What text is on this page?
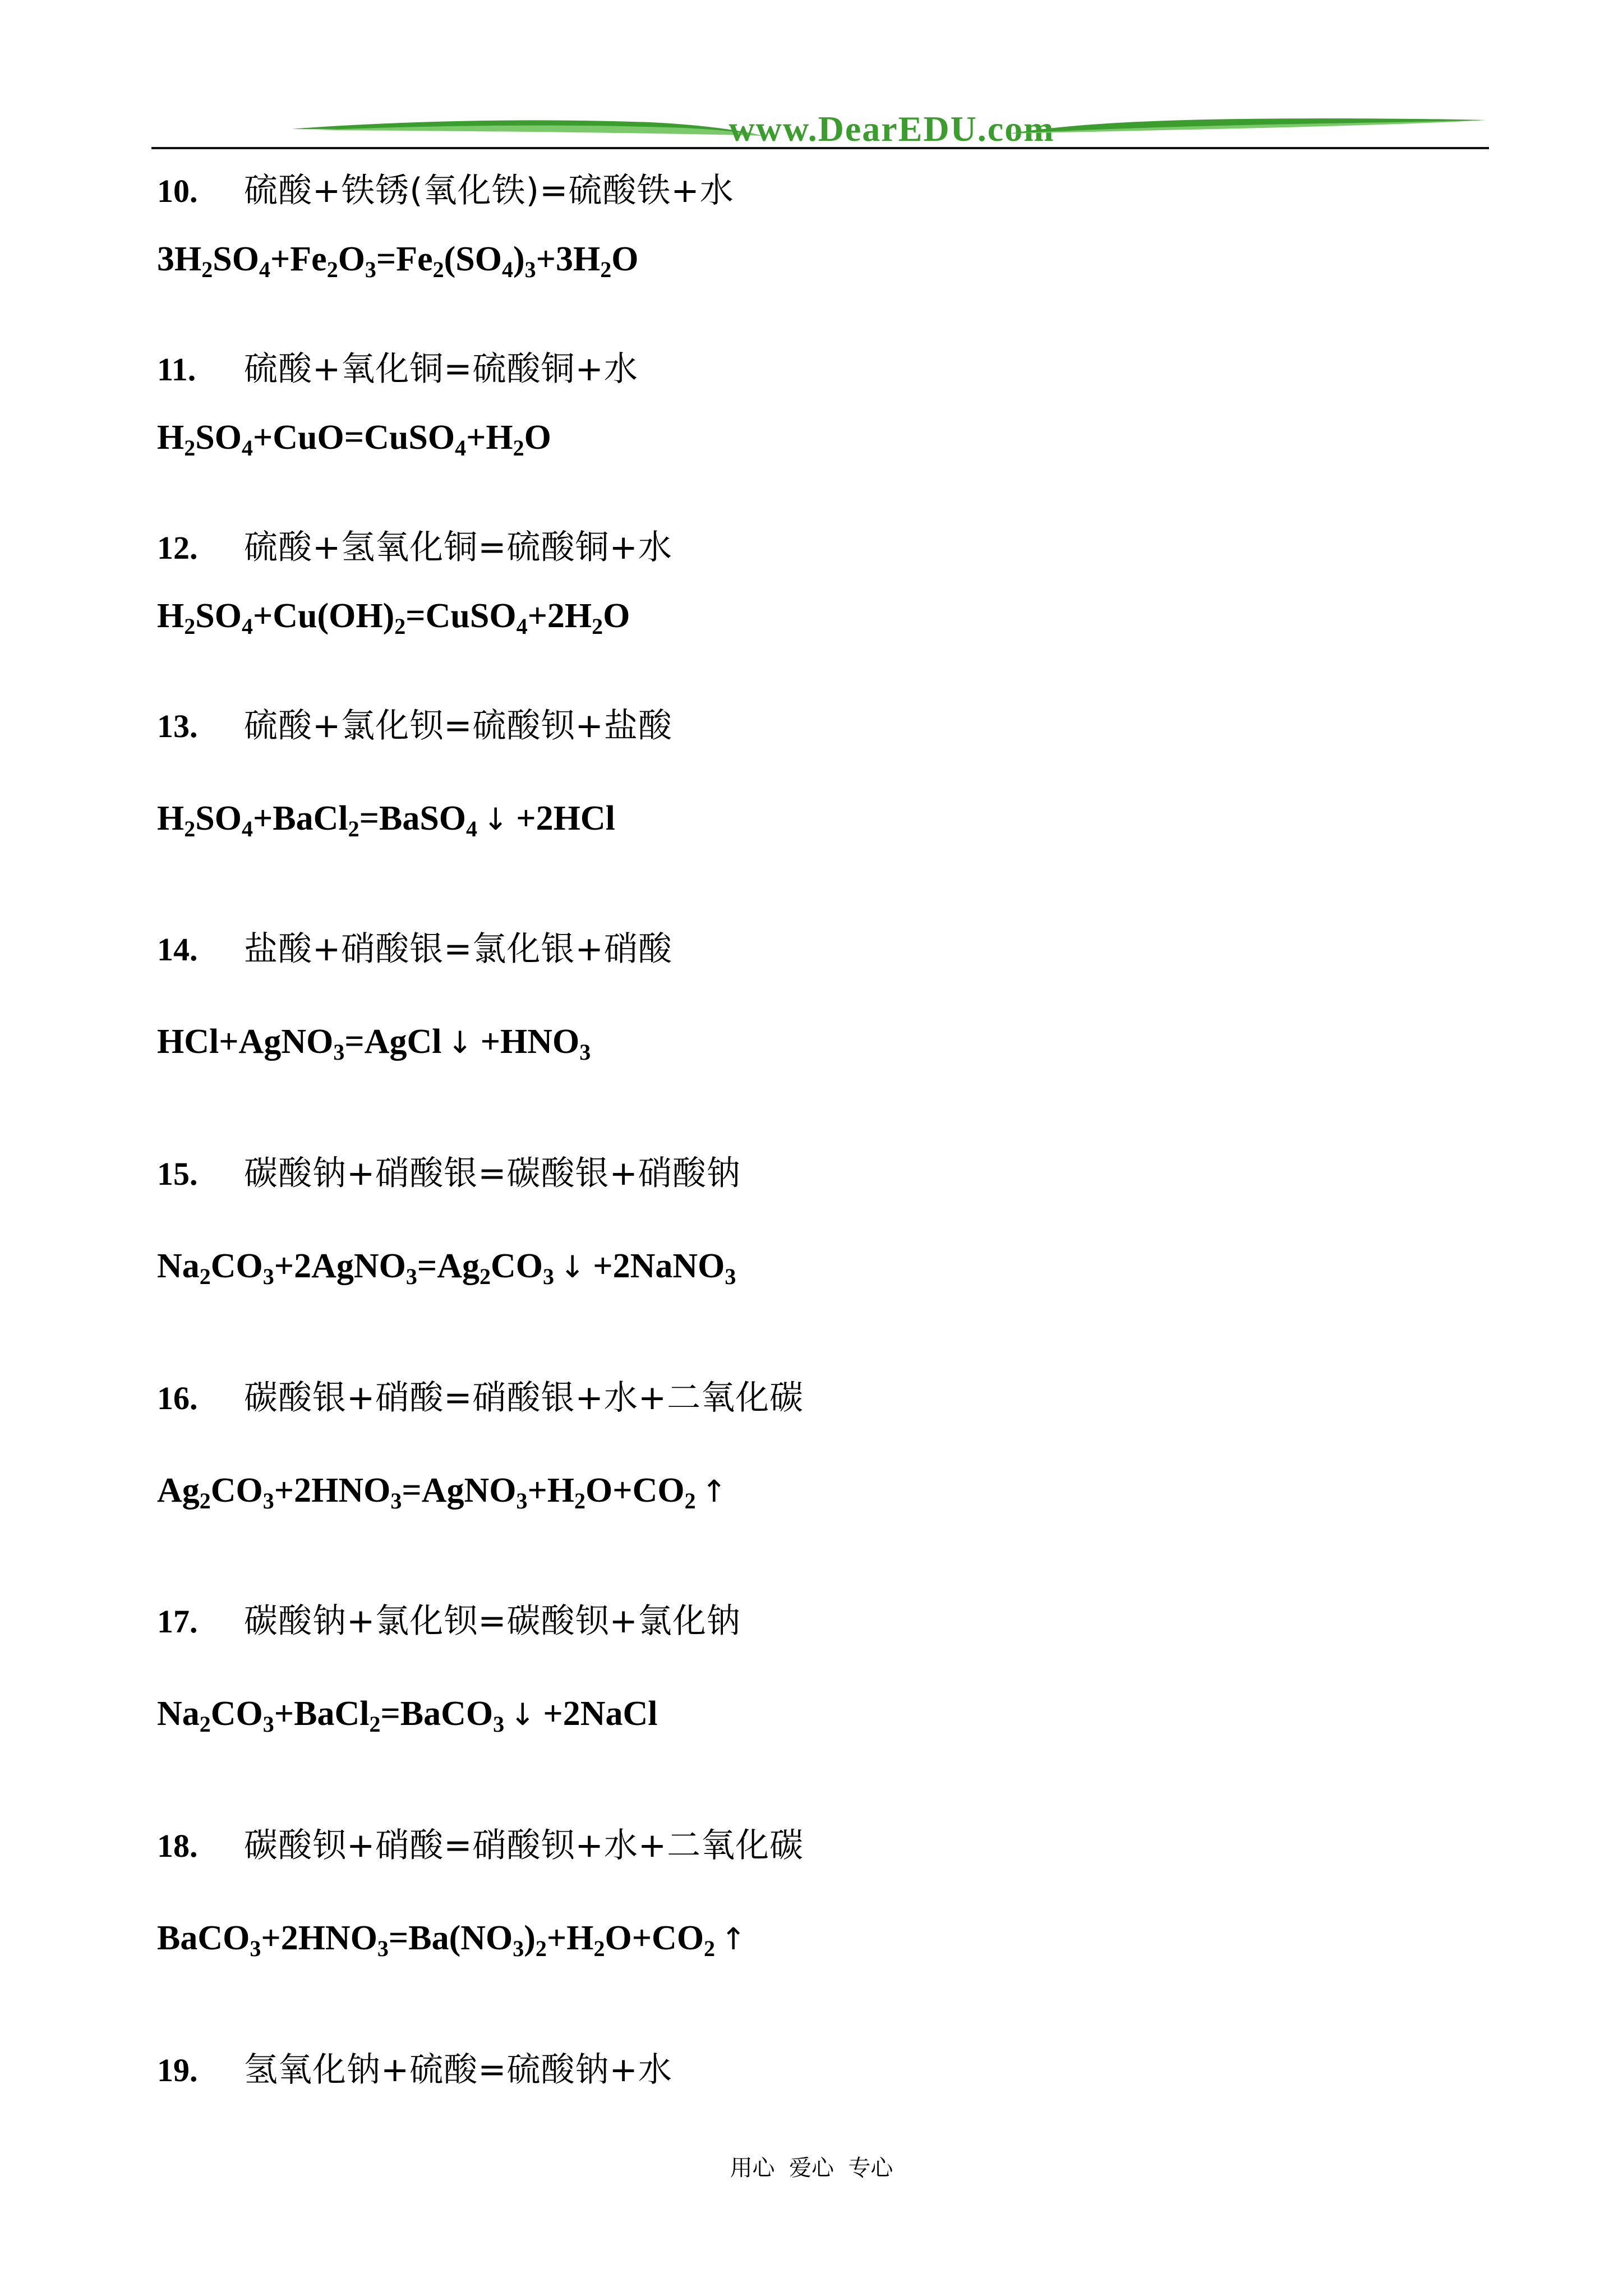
www.DearEDU.com
10. 硫酸+铁锈(氧化铁)=硫酸铁+水
$3H_2SO_4+Fe_2O_3=Fe_2(SO_4)_3+3H_2O$
11. 硫酸+氧化铜=硫酸铜+水
$H_2SO_4+CuO=CuSO_4+H_2O$
12. 硫酸+氢氧化铜=硫酸铜+水
$H_2SO_4+Cu(OH)_2=CuSO_4+2H_2O$
13. 硫酸+氯化钡=硫酸钡+盐酸
$H_2SO_4+BaCl_2=BaSO_4$ ↓ +2HCl
14. 盐酸+硝酸银=氯化银+硝酸
HCl+AgNO$_3$=AgCl ↓ $+HNO_3$
15. 碳酸钠+硝酸银=碳酸银+硝酸钠
$Na_2CO_3+2AgNO_3=Ag_2CO_3$ ↓ +2NaNO$_3$
16. 碳酸银+硝酸=硝酸银+水+二氧化碳
$Ag_2CO_3+2HNO_3=AgNO_3+H_2O+CO_2$ ↑
17. 碳酸钠+氯化钡=碳酸钡+氯化钠
$Na_2CO_3+BaCl_2=BaCO_3$ ↓ +2NaCl
18. 碳酸钡+硝酸=硝酸钡+水+二氧化碳
$BaCO_3+2HNO_3=Ba(NO_3)_2+H_2O+CO_2$ ↑
19. 氢氧化钠+硫酸=硫酸钠+水
用心  爱心  专心
